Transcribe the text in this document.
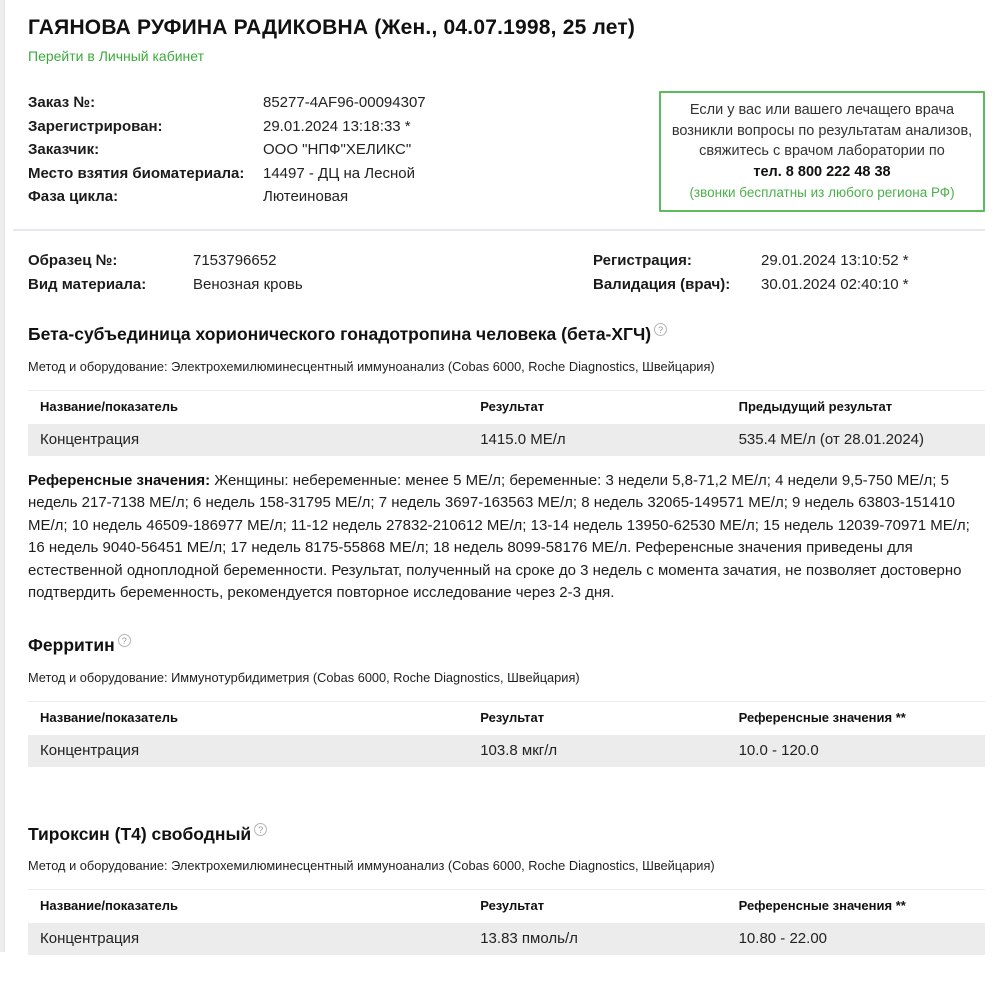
ГАЯНОВА РУФИНА РАДИКОВНА (Жен., 04.07.1998, 25 лет)
Перейти в Личный кабинет
Заказ №:	85277-4AF96-00094307
Зарегистрирован:	29.01.2024 13:18:33 *
Заказчик:	ООО "НПФ"ХЕЛИКС"
Место взятия биоматериала:	14497 - ДЦ на Лесной
Фаза цикла:	Лютеиновая
Если у вас или вашего лечащего врача возникли вопросы по результатам анализов, свяжитесь с врачом лаборатории по тел. 8 800 222 48 38
(звонки бесплатны из любого региона РФ)
Образец №:	7153796652
Вид материала:	Венозная кровь
Регистрация:	29.01.2024 13:10:52 *
Валидация (врач):	30.01.2024 02:40:10 *
Бета-субъединица хорионического гонадотропина человека (бета-ХГЧ) ?
Метод и оборудование: Электрохемилюминесцентный иммуноанализ (Cobas 6000, Roche Diagnostics, Швейцария)
Название/показатель	Результат	Предыдущий результат
Концентрация	1415.0 МЕ/л	535.4 МЕ/л (от 28.01.2024)
Референсные значения: Женщины: небеременные: менее 5 МЕ/л; беременные: 3 недели 5,8-71,2 МЕ/л; 4 недели 9,5-750 МЕ/л; 5 недель 217-7138 МЕ/л; 6 недель 158-31795 МЕ/л; 7 недель 3697-163563 МЕ/л; 8 недель 32065-149571 МЕ/л; 9 недель 63803-151410 МЕ/л; 10 недель 46509-186977 МЕ/л; 11-12 недель 27832-210612 МЕ/л; 13-14 недель 13950-62530 МЕ/л; 15 недель 12039-70971 МЕ/л; 16 недель 9040-56451 МЕ/л; 17 недель 8175-55868 МЕ/л; 18 недель 8099-58176 МЕ/л. Референсные значения приведены для естественной одноплодной беременности. Результат, полученный на сроке до 3 недель с момента зачатия, не позволяет достоверно подтвердить беременность, рекомендуется повторное исследование через 2-3 дня.
Ферритин ?
Метод и оборудование: Иммунотурбидиметрия (Cobas 6000, Roche Diagnostics, Швейцария)
Название/показатель	Результат	Референсные значения **
Концентрация	103.8 мкг/л	10.0 - 120.0
Тироксин (Т4) свободный ?
Метод и оборудование: Электрохемилюминесцентный иммуноанализ (Cobas 6000, Roche Diagnostics, Швейцария)
Название/показатель	Результат	Референсные значения **
Концентрация	13.83 пмоль/л	10.80 - 22.00
